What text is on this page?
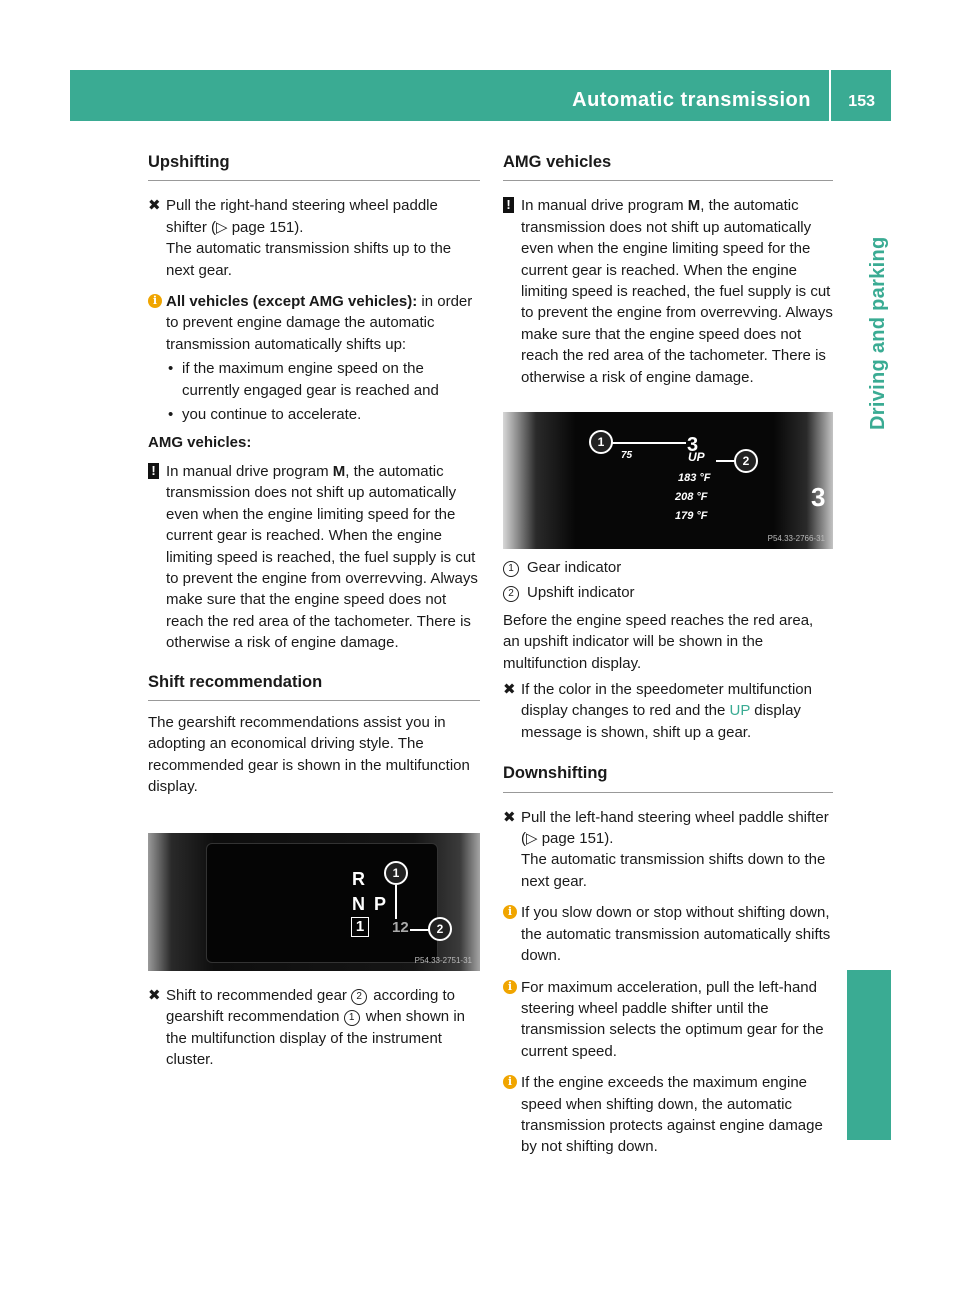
Automatic transmission 153
Driving and parking
Upshifting
✖ Pull the right-hand steering wheel paddle shifter (▷ page 151).

The automatic transmission shifts up to the next gear.

i All vehicles (except AMG vehicles): in order to prevent engine damage the automatic transmission automatically shifts up:

• if the maximum engine speed on the currently engaged gear is reached and

• you continue to accelerate.

AMG vehicles:

! In manual drive program M, the automatic transmission does not shift up automatically even when the engine limiting speed for the current gear is reached. When the engine limiting speed is reached, the fuel supply is cut to prevent the engine from overrevving. Always make sure that the engine speed does not reach the red area of the tachometer. There is otherwise a risk of engine damage.

Shift recommendation

The gearshift recommendations assist you in adopting an economical driving style. The recommended gear is shown in the multifunction display.

R
N P
1	12
1
2
P54.33-2751-31
✖ Shift to recommended gear 2 according to gearshift recommendation 1 when shown in the multifunction display of the instrument cluster.

AMG vehicles
! In manual drive program M, the automatic transmission does not shift up automatically even when the engine limiting speed for the current gear is reached. When the engine limiting speed is reached, the fuel supply is cut to prevent the engine from overrevving. Always make sure that the engine speed does not reach the red area of the tachometer. There is otherwise a risk of engine damage.

75	UP
183 °F
208 °F
179 °F
3
3
1
2
P54.33-2766-31

1 Gear indicator

2 Upshift indicator

Before the engine speed reaches the red area, an upshift indicator will be shown in the multifunction display.

✖ If the color in the speedometer multifunction display changes to red and the UP display message is shown, shift up a gear.

Downshifting
✖ Pull the left-hand steering wheel paddle shifter (▷ page 151).

The automatic transmission shifts down to the next gear.

i If you slow down or stop without shifting down, the automatic transmission automatically shifts down.

i For maximum acceleration, pull the left-hand steering wheel paddle shifter until the transmission selects the optimum gear for the current speed.

i If the engine exceeds the maximum engine speed when shifting down, the automatic transmission protects against engine damage by not shifting down.
